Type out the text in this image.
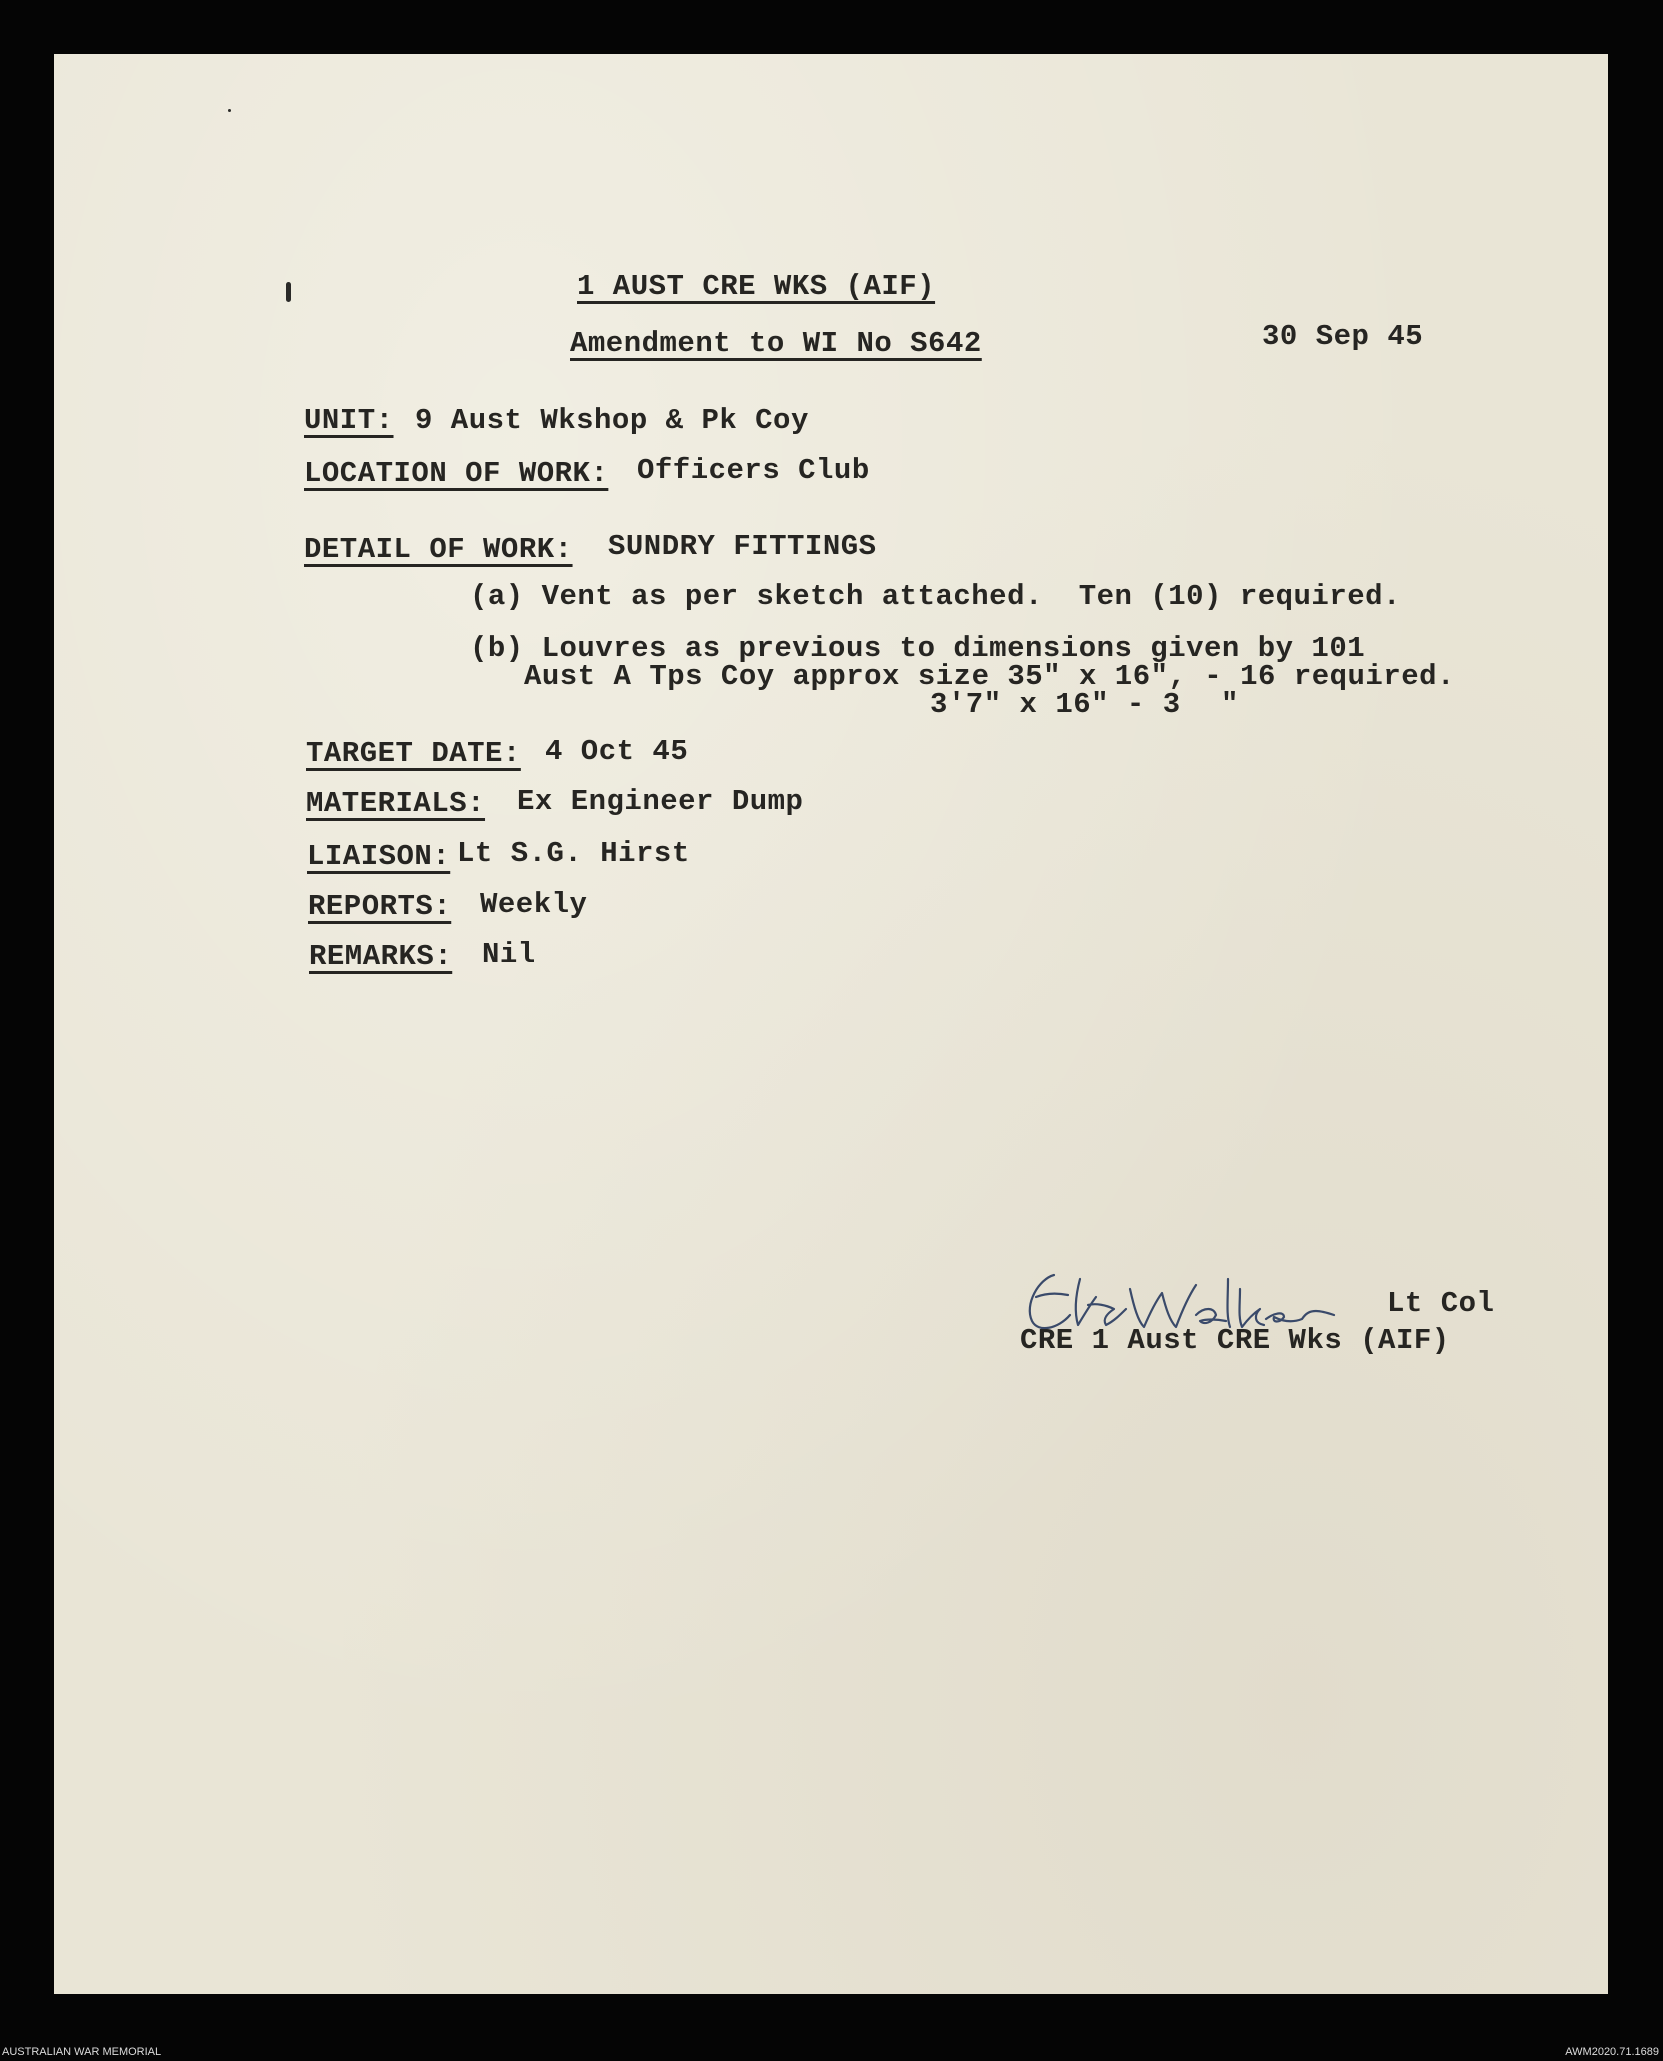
1 AUST CRE WKS (AIF)
Amendment to WI No S642	30 Sep 45
UNIT: 9 Aust Wkshop & Pk Coy
LOCATION OF WORK: Officers Club
DETAIL OF WORK: SUNDRY FITTINGS
(a) Vent as per sketch attached.  Ten (10) required.
(b) Louvres as previous to dimensions given by 101
Aust A Tps Coy approx size 35" x 16", - 16 required.
3'7" x 16" - 3 "
TARGET DATE: 4 Oct 45
MATERIALS: Ex Engineer Dump
LIAISON: Lt S.G. Hirst
REPORTS: Weekly
REMARKS: Nil
Lt Col
CRE 1 Aust CRE Wks (AIF)
AUSTRALIAN WAR MEMORIAL	AWM2020.71.1689
